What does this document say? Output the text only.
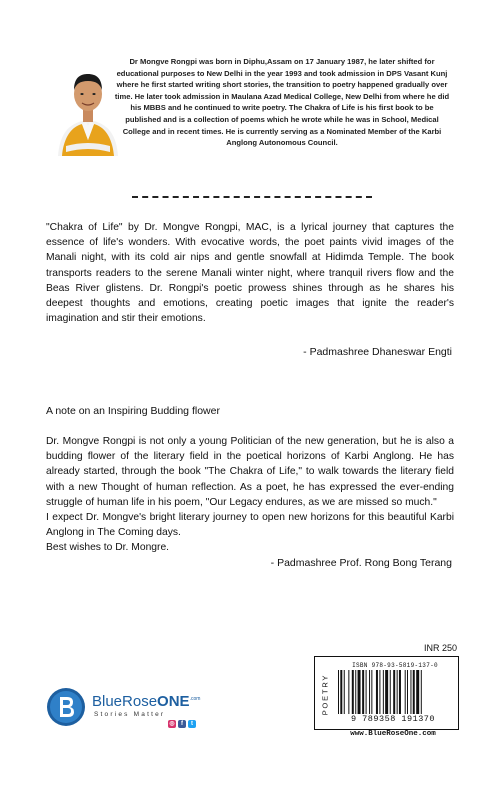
Dr Mongve Rongpi was born in Diphu,Assam on 17 January 1987, he later shifted for educational purposes to New Delhi in the year 1993 and took admission in DPS Vasant Kunj where he first started writing short stories, the transition to poetry happened gradually over time. He later took admission in Maulana Azad Medical College, New Delhi from where he did his MBBS and he continued to write poetry. The Chakra of Life is his first book to be published and is a collection of poems which he wrote while he was in School, Medical College and in recent times. He is currently serving as a Nominated Member of the Karbi Anglong Autonomous Council.

"Chakra of Life" by Dr. Mongve Rongpi, MAC, is a lyrical journey that captures the essence of life's wonders. With evocative words, the poet paints vivid images of the Manali night, with its cold air nips and gentle snowfall at Hidimda Temple. The book transports readers to the serene Manali winter night, where tranquil rivers flow and the Beas River glistens. Dr. Rongpi's poetic prowess shines through as he shares his deepest thoughts and emotions, creating poetic images that ignite the reader's imagination and stir their emotions.

- Padmashree Dhaneswar Engti

A note on an Inspiring Budding flower

Dr. Mongve Rongpi is not only a young Politician of the new generation, but he is also a budding flower of the literary field in the poetical horizons of Karbi Anglong. He has already started, through the book "The Chakra of Life," to walk towards the literary field with a new Thought of human reflection. As a poet, he has expressed the ever-ending struggle of human life in his poem, "Our Legacy endures, as we are missed so much."

I expect Dr. Mongve's bright literary journey to open new horizons for this beautiful Karbi Anglong in The Coming days.

Best wishes to Dr. Mongre.

- Padmashree Prof. Rong Bong Terang

INR 250

POETRY

ISBN 978-93-5819-137-0

9 789358 191370

www.BlueRoseOne.com

BlueRoseONE$^{.com}$

Stories Matter

◎	f	t
